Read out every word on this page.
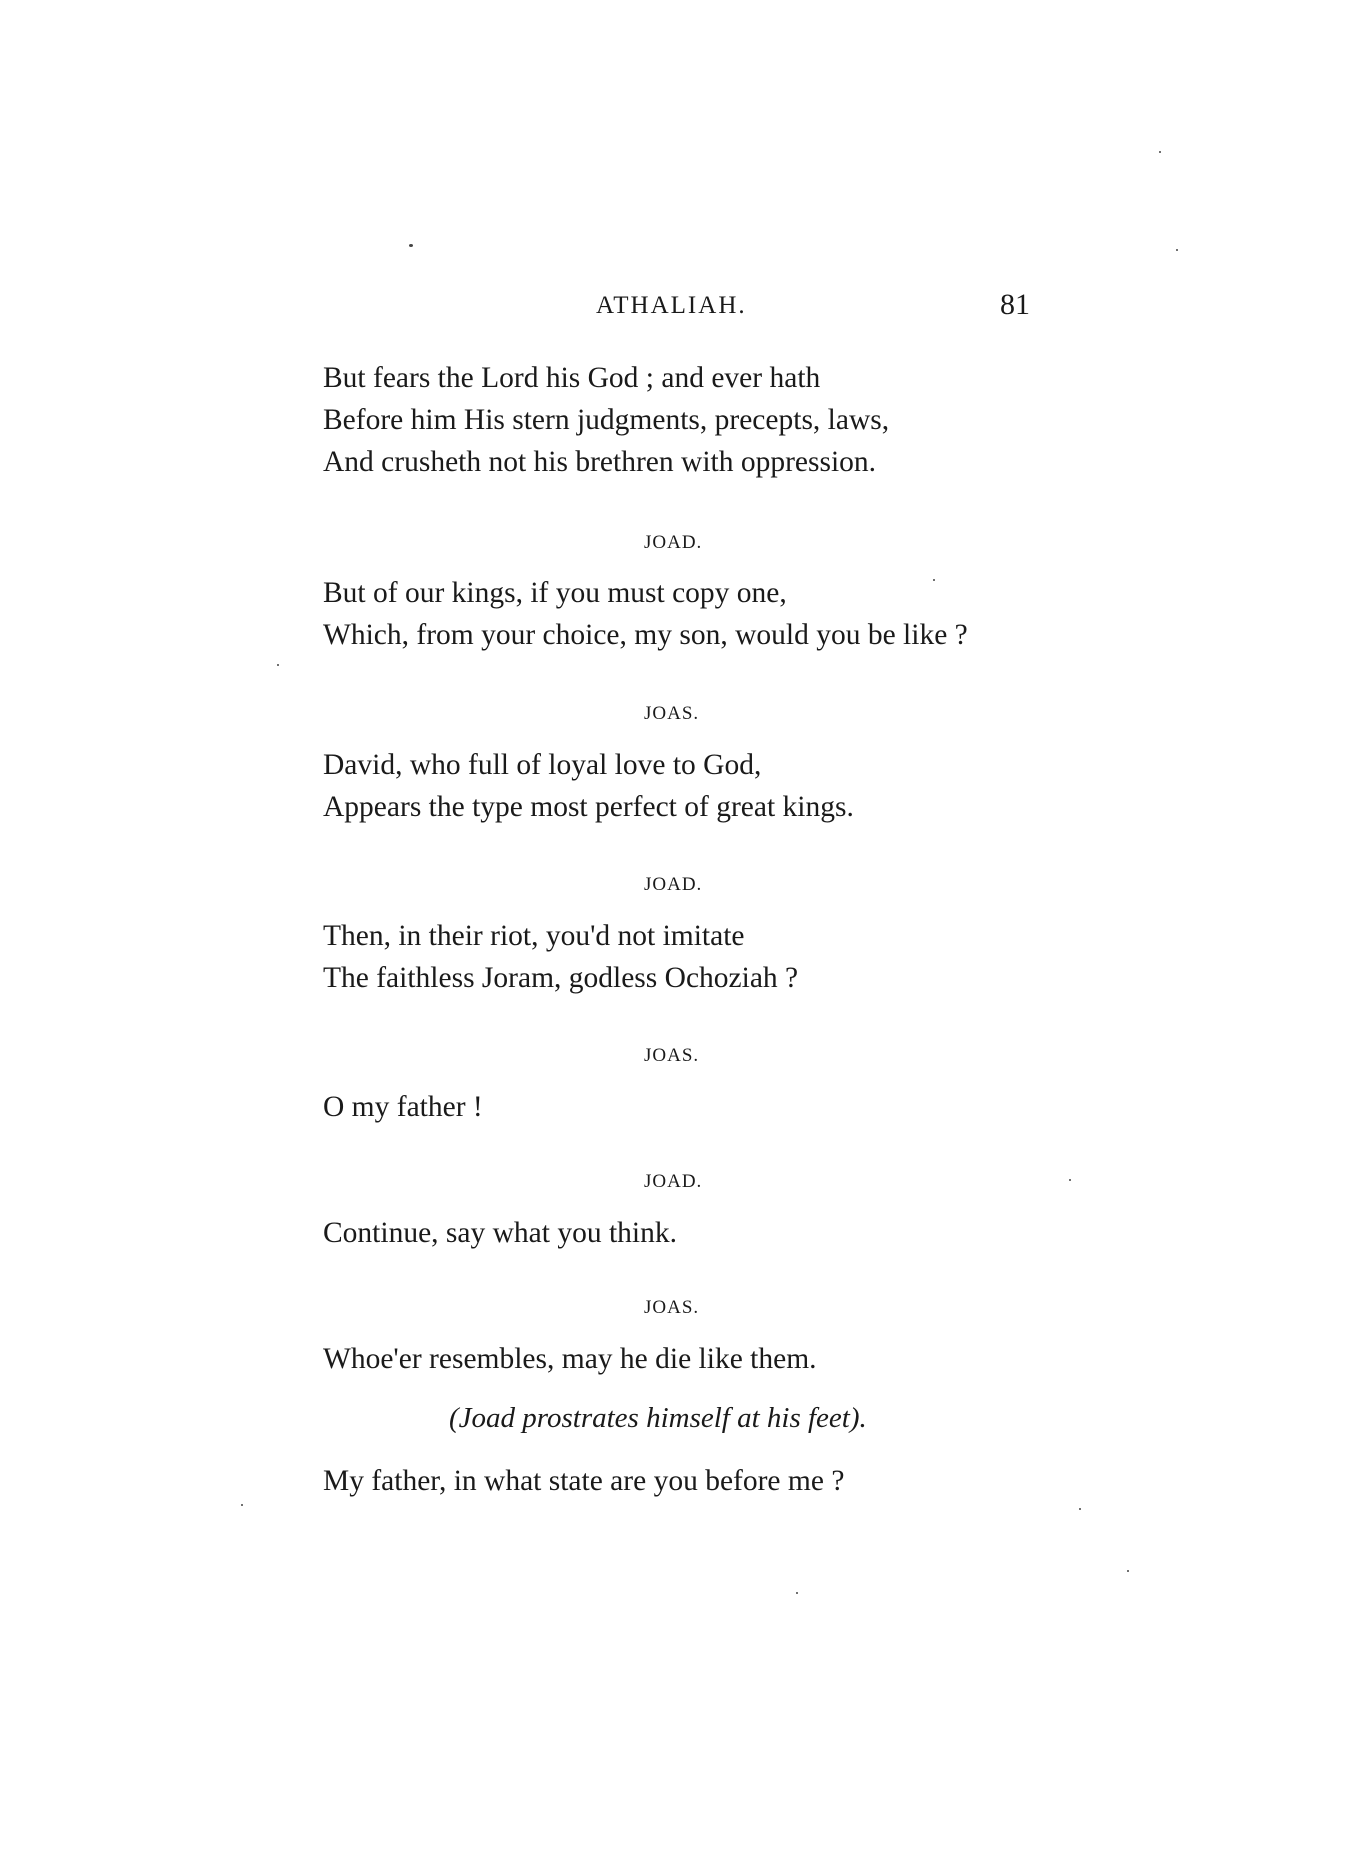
ATHALIAH.	81
But fears the Lord his God ; and ever hath
Before him His stern judgments, precepts, laws,
And crusheth not his brethren with oppression.
JOAD.
But of our kings, if you must copy one,
Which, from your choice, my son, would you be like ?
JOAS.
David, who full of loyal love to God,
Appears the type most perfect of great kings.
JOAD.
Then, in their riot, you'd not imitate
The faithless Joram, godless Ochoziah ?
JOAS.
O my father !
JOAD.
Continue, say what you think.
JOAS.
Whoe'er resembles, may he die like them.
(Joad prostrates himself at his feet).
My father, in what state are you before me ?
